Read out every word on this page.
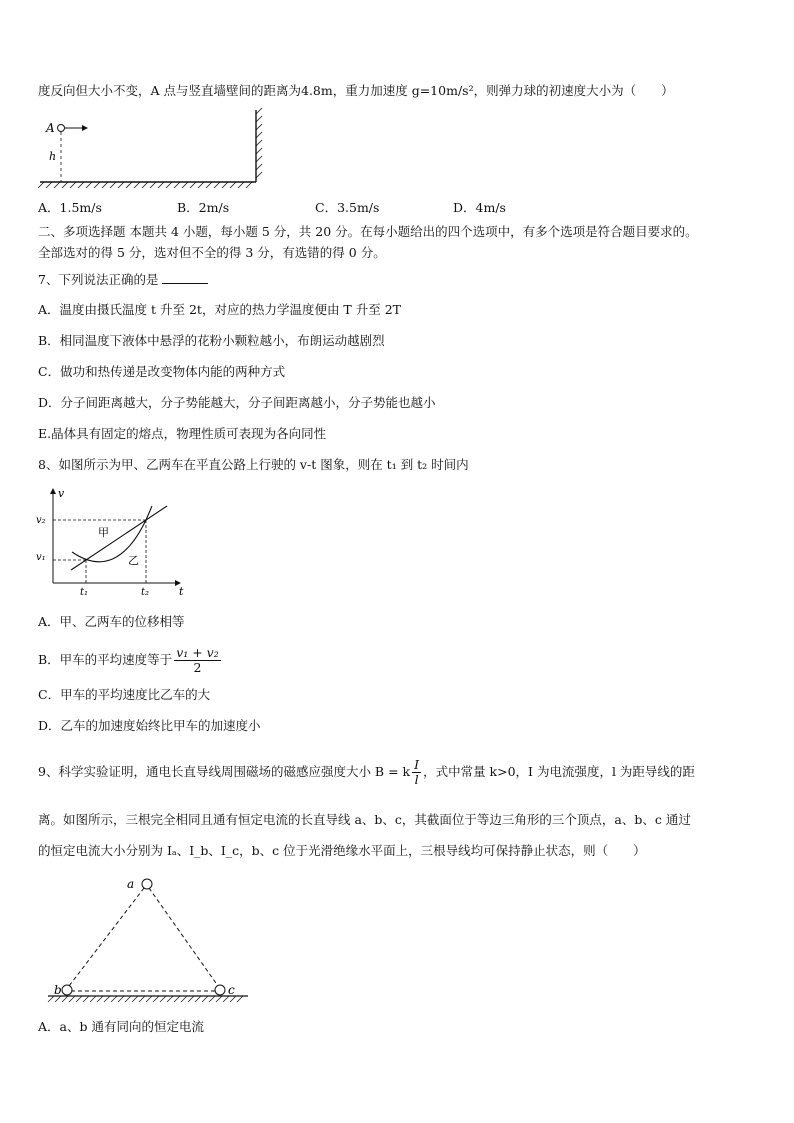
度反向但大小不变，A 点与竖直墙壁间的距离为4.8m，重力加速度 g=10m/s²，则弹力球的初速度大小为（　　）
A
h
A．1.5m/s	B．2m/s	C．3.5m/s	D．4m/s
二、多项选择题 本题共 4 小题，每小题 5 分，共 20 分。在每小题给出的四个选项中，有多个选项是符合题目要求的。
全部选对的得 5 分，选对但不全的得 3 分，有选错的得 0 分。
7、下列说法正确的是
A．温度由摄氏温度 t 升至 2t，对应的热力学温度便由 T 升至 2T
B．相同温度下液体中悬浮的花粉小颗粒越小，布朗运动越剧烈
C．做功和热传递是改变物体内能的两种方式
D．分子间距离越大，分子势能越大，分子间距离越小，分子势能也越小
E.晶体具有固定的熔点，物理性质可表现为各向同性
8、如图所示为甲、乙两车在平直公路上行驶的 v-t 图象，则在 t₁ 到 t₂ 时间内
v
t
v₂
v₁
t₁	t₂
甲
乙
A．甲、乙两车的位移相等
B．甲车的平均速度等于 $\frac{\text{v₁ + v₂}}{2}$
C．甲车的平均速度比乙车的大
D．乙车的加速度始终比甲车的加速度小
9、科学实验证明，通电长直导线周围磁场的磁感应强度大小 B = k $\frac{I}{l}$ ，式中常量 k>0，I 为电流强度，l 为距导线的距
离。如图所示，三根完全相同且通有恒定电流的长直导线 a、b、c，其截面位于等边三角形的三个顶点，a、b、c 通过
的恒定电流大小分别为 Iₐ、I_b、I_c，b、c 位于光滑绝缘水平面上，三根导线均可保持静止状态，则（　　）
a
b	c
A．a、b 通有同向的恒定电流
